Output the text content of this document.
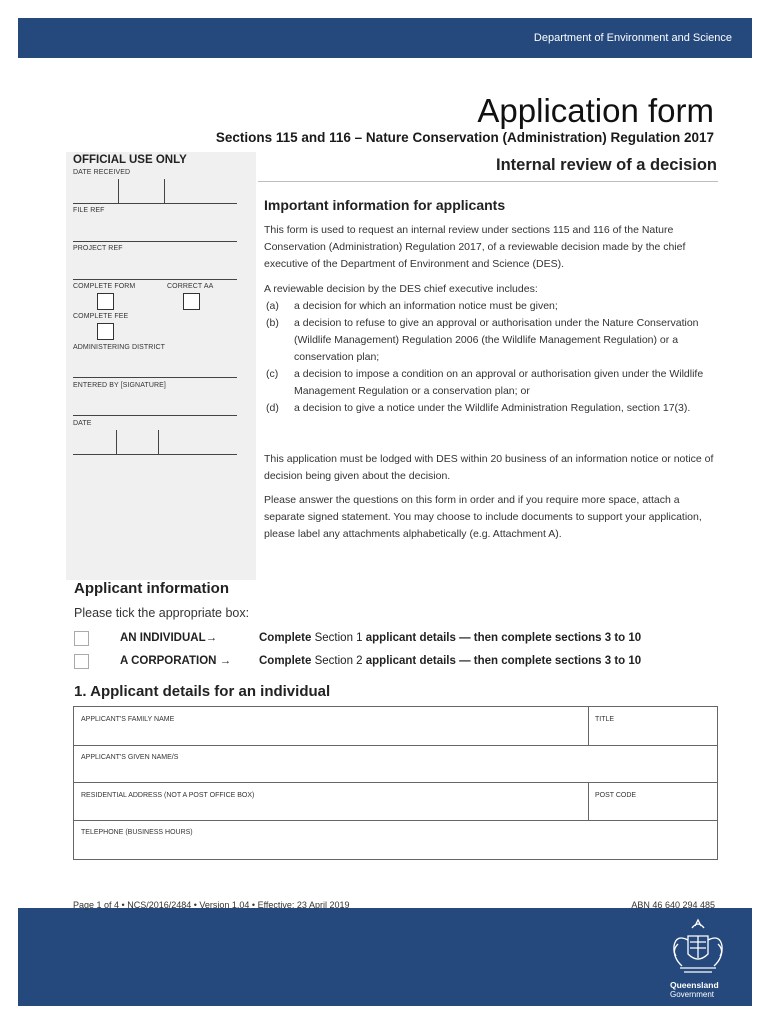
Department of Environment and Science
Application form
Sections 115 and 116 – Nature Conservation (Administration) Regulation 2017
OFFICIAL USE ONLY
DATE RECEIVED
FILE REF
PROJECT REF
COMPLETE FORM	CORRECT AA
COMPLETE FEE
ADMINISTERING DISTRICT
ENTERED BY [SIGNATURE]
DATE
Internal review of a decision
Important information for applicants
This form is used to request an internal review under sections 115 and 116 of the Nature Conservation (Administration) Regulation 2017, of a reviewable decision made by the chief executive of the Department of Environment and Science (DES).
A reviewable decision by the DES chief executive includes:
(a) a decision for which an information notice must be given;
(b) a decision to refuse to give an approval or authorisation under the Nature Conservation (Wildlife Management) Regulation 2006 (the Wildlife Management Regulation) or a conservation plan;
(c) a decision to impose a condition on an approval or authorisation given under the Wildlife Management Regulation or a conservation plan; or
(d) a decision to give a notice under the Wildlife Administration Regulation, section 17(3).
This application must be lodged with DES within 20 business of an information notice or notice of decision being given about the decision.
Please answer the questions on this form in order and if you require more space, attach a separate signed statement. You may choose to include documents to support your application, please label any attachments alphabetically (e.g. Attachment A).
Applicant information
Please tick the appropriate box:
AN INDIVIDUAL→	Complete Section 1 applicant details — then complete sections 3 to 10
A CORPORATION → Complete Section 2 applicant details — then complete sections 3 to 10
1. Applicant details for an individual
APPLICANT'S FAMILY NAME	TITLE
APPLICANT'S GIVEN NAME/S
RESIDENTIAL ADDRESS (NOT A POST OFFICE BOX)	POST CODE
TELEPHONE (BUSINESS HOURS)
Queensland
Government
Page 1 of 4 • NCS/2016/2484 • Version 1.04 • Effective: 23 April 2019	ABN 46 640 294 485
